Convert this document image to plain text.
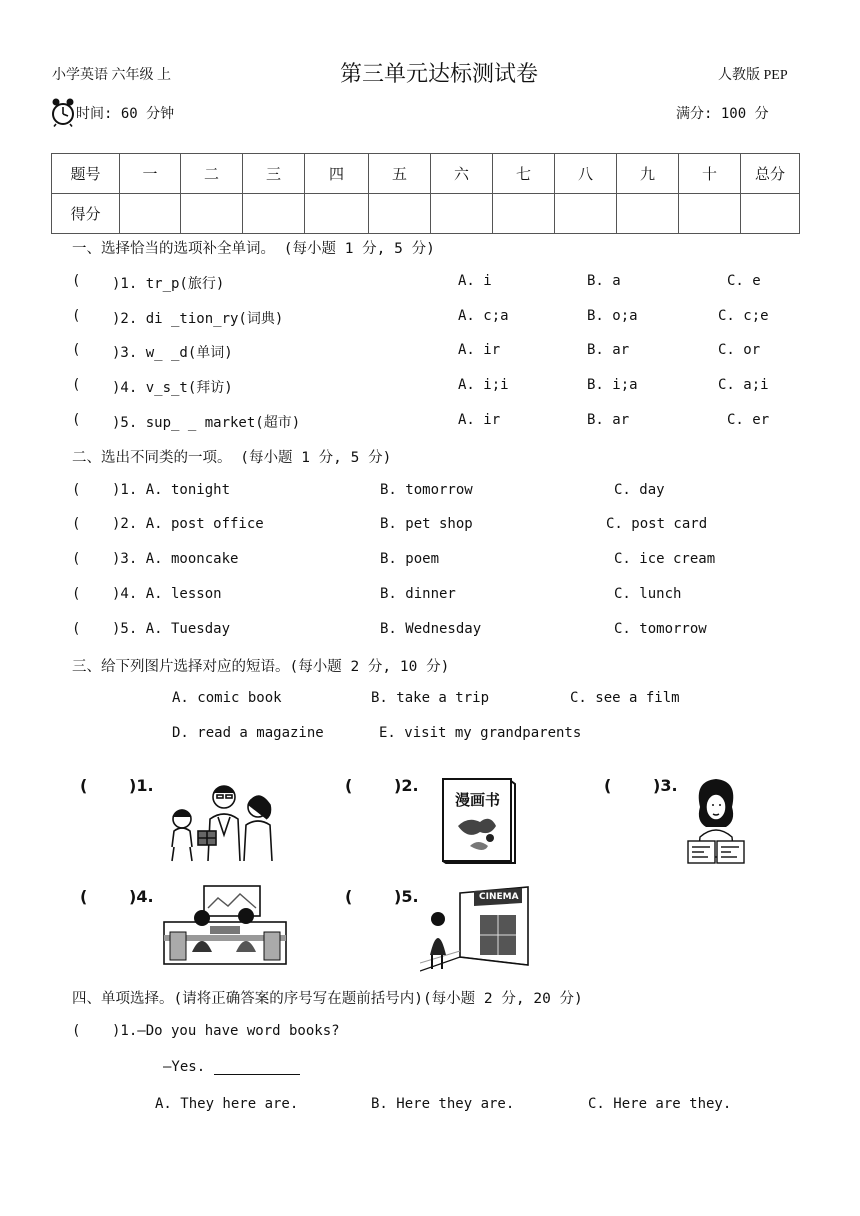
小学英语 六年级 上	第三单元达标测试卷	人教版 PEP
时间: 60 分钟	满分: 100 分
题号	一	二	三	四	五	六	七	八	九	十	总分
得分											
一、选择恰当的选项补全单词。 (每小题 1 分, 5 分)
( )1. tr_p(旅行)	A. i	B. a	C. e
( )2. di _tion_ry(词典)	A. c;a	B. o;a	C. c;e
( )3. w_ _d(单词)	A. ir	B. ar	C. or
( )4. v_s_t(拜访)	A. i;i	B. i;a	C. a;i
( )5. sup_ _ market(超市)	A. ir	B. ar	C. er
二、选出不同类的一项。 (每小题 1 分, 5 分)
( )1. A. tonight	B. tomorrow	C. day
( )2. A. post office	B. pet shop	C. post card
( )3. A. mooncake	B. poem	C. ice cream
( )4. A. lesson	B. dinner	C. lunch
( )5. A. Tuesday	B. Wednesday	C. tomorrow
三、给下列图片选择对应的短语。(每小题 2 分, 10 分)
A. comic book	B. take a trip	C. see a film
D. read a magazine	E. visit my grandparents
(	)1.	(	)2.	(	)3.
(	)4.	(	)5.
漫画书
CINEMA
四、单项选择。(请将正确答案的序号写在题前括号内)(每小题 2 分, 20 分)
( )1.—Do you have word books?
—Yes.
A. They here are.	B. Here they are.	C. Here are they.
